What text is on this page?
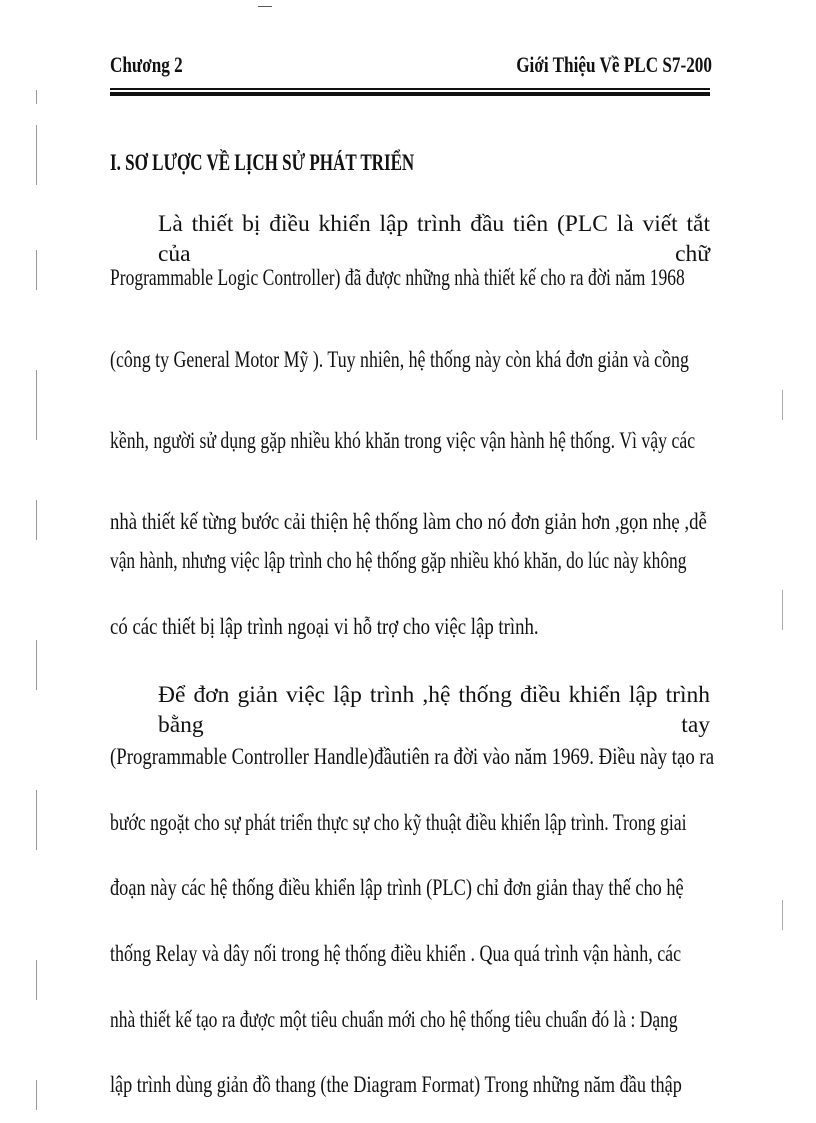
Chương 2	Giới Thiệu Về PLC S7-200
I. SƠ LƯỢC VỀ LỊCH SỬ PHÁT TRIỂN
Là thiết bị điều khiển lập trình đầu tiên (PLC là viết tắt của chữ
Programmable Logic Controller) đã được những nhà thiết kế cho ra đời năm 1968
(công ty General Motor Mỹ ). Tuy nhiên, hệ thống này còn khá đơn giản và cồng
kềnh, người sử dụng gặp nhiều khó khăn trong việc vận hành hệ thống. Vì vậy các
nhà thiết kế từng bước cải thiện hệ thống làm cho nó đơn giản hơn ,gọn nhẹ ,dễ
vận hành, nhưng việc lập trình cho hệ thống gặp nhiều khó khăn, do lúc này không
có các thiết bị lập trình ngoại vi hỗ trợ cho việc lập trình.
Để đơn giản việc lập trình ,hệ thống điều khiển lập trình bằng tay
(Programmable Controller Handle)đầutiên ra đời vào năm 1969. Điều này tạo ra
bước ngoặt cho sự phát triển thực sự cho kỹ thuật điều khiển lập trình. Trong giai
đoạn này các hệ thống điều khiển lập trình (PLC) chỉ đơn giản thay thế cho hệ
thống Relay và dây nối trong hệ thống điều khiển . Qua quá trình vận hành, các
nhà thiết kế tạo ra được một tiêu chuẩn mới cho hệ thống tiêu chuẩn đó là : Dạng
lập trình dùng giản đồ thang (the Diagram Format) Trong những năm đầu thập
